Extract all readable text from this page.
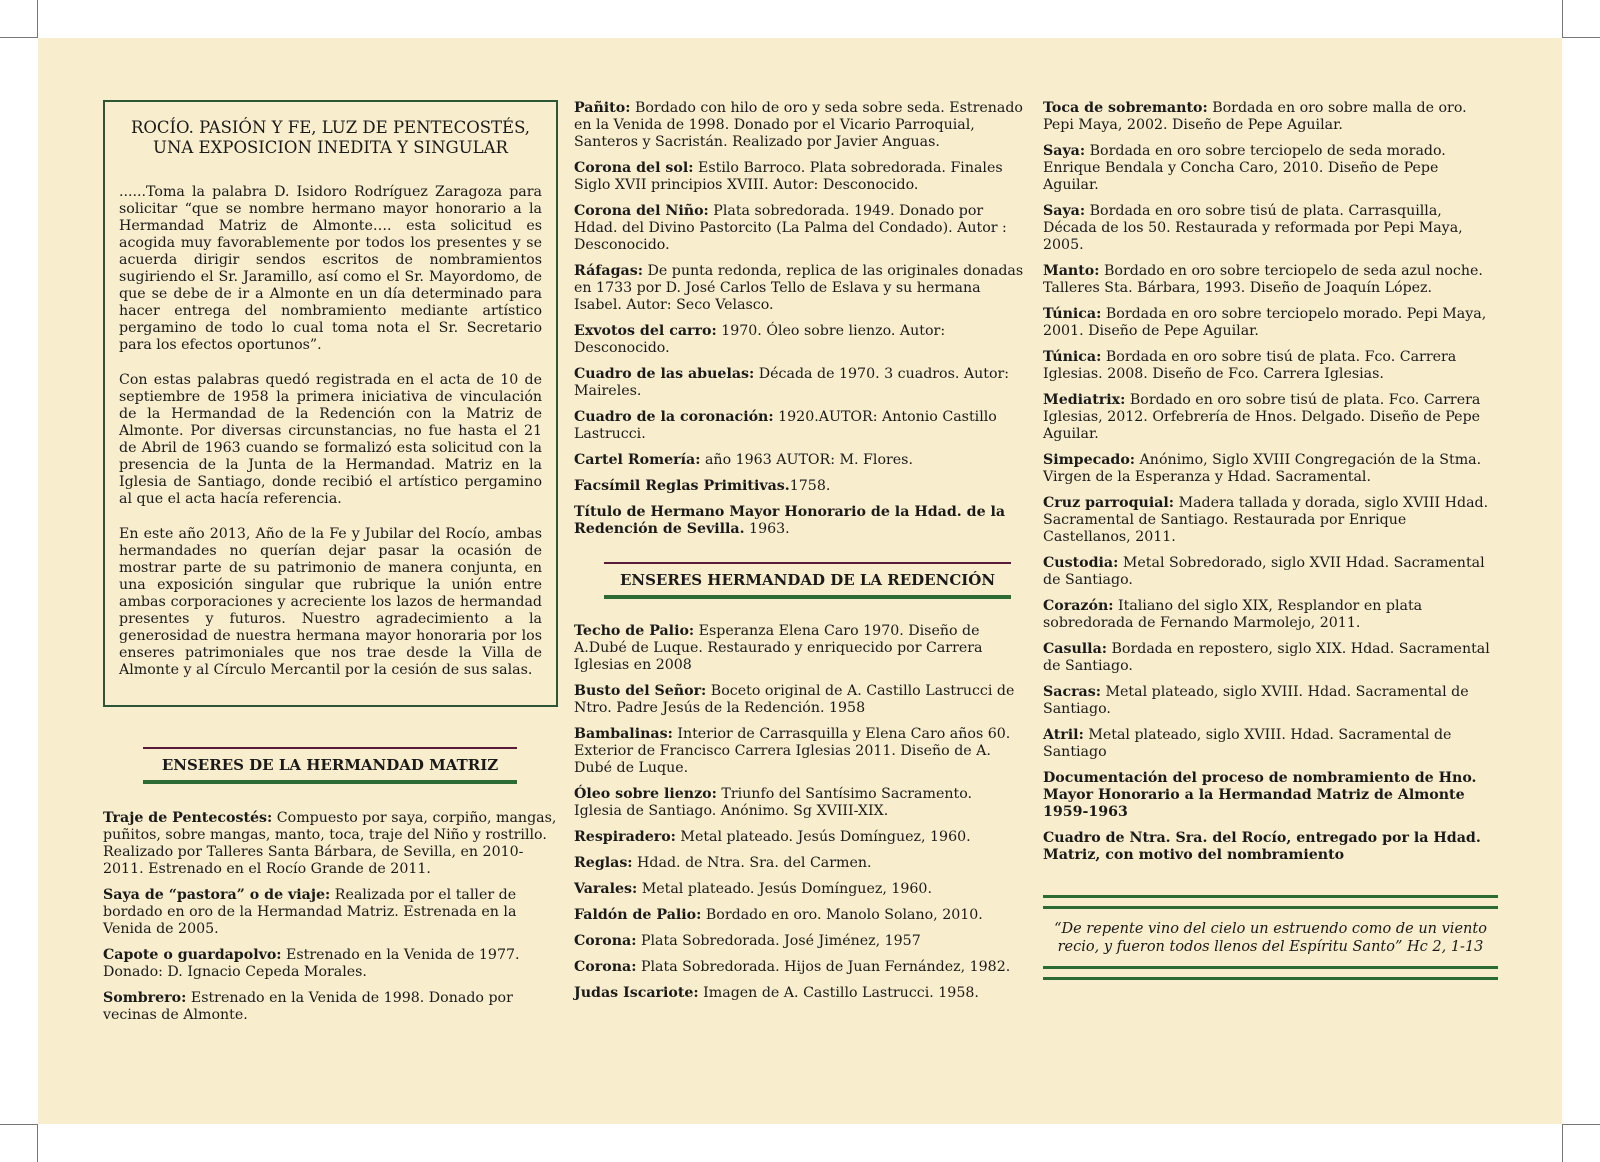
ROCÍO. PASIÓN Y FE, LUZ DE PENTECOSTÉS, UNA EXPOSICION INEDITA Y SINGULAR

......Toma la palabra D. Isidoro Rodríguez Zaragoza para solicitar “que se nombre hermano mayor honorario a la Hermandad Matriz de Almonte…. esta solicitud es acogida muy favorablemente por todos los presentes y se acuerda dirigir sendos escritos de nombramientos sugiriendo el Sr. Jaramillo, así como el Sr. Mayordomo, de que se debe de ir a Almonte en un día determinado para hacer entrega del nombramiento mediante artístico pergamino de todo lo cual toma nota el Sr. Secretario para los efectos oportunos”.

Con estas palabras quedó registrada en el acta de 10 de septiembre de 1958 la primera iniciativa de vinculación de la Hermandad de la Redención con la Matriz de Almonte. Por diversas circunstancias, no fue hasta el 21 de Abril de 1963 cuando se formalizó esta solicitud con la presencia de la Junta de la Hermandad. Matriz en la Iglesia de Santiago, donde recibió el artístico pergamino al que el acta hacía referencia.

En este año 2013, Año de la Fe y Jubilar del Rocío, ambas hermandades no querían dejar pasar la ocasión de mostrar parte de su patrimonio de manera conjunta, en una exposición singular que rubrique la unión entre ambas corporaciones y acreciente los lazos de hermandad presentes y futuros. Nuestro agradecimiento a la generosidad de nuestra hermana mayor honoraria por los enseres patrimoniales que nos trae desde la Villa de Almonte y al Círculo Mercantil por la cesión de sus salas.

ENSERES DE LA HERMANDAD MATRIZ
Traje de Pentecostés: Compuesto por saya, corpiño, mangas, puñitos, sobre mangas, manto, toca, traje del Niño y rostrillo. Realizado por Talleres Santa Bárbara, de Sevilla, en 2010-2011. Estrenado en el Rocío Grande de 2011.
Saya de “pastora” o de viaje: Realizada por el taller de bordado en oro de la Hermandad Matriz. Estrenada en la Venida de 2005.
Capote o guardapolvo: Estrenado en la Venida de 1977. Donado: D. Ignacio Cepeda Morales.
Sombrero: Estrenado en la Venida de 1998. Donado por vecinas de Almonte.
Pañito: Bordado con hilo de oro y seda sobre seda. Estrenado en la Venida de 1998. Donado por el Vicario Parroquial, Santeros y Sacristán. Realizado por Javier Anguas.
Corona del sol: Estilo Barroco. Plata sobredorada. Finales Siglo XVII principios XVIII. Autor: Desconocido.
Corona del Niño: Plata sobredorada. 1949. Donado por Hdad. del Divino Pastorcito (La Palma del Condado). Autor : Desconocido.
Ráfagas: De punta redonda, replica de las originales donadas en 1733 por D. José Carlos Tello de Eslava y su hermana Isabel. Autor: Seco Velasco.
Exvotos del carro: 1970. Óleo sobre lienzo. Autor: Desconocido.
Cuadro de las abuelas: Década de 1970. 3 cuadros. Autor: Maireles.
Cuadro de la coronación: 1920.AUTOR: Antonio Castillo Lastrucci.
Cartel Romería: año 1963 AUTOR: M. Flores.
Facsímil Reglas Primitivas.1758.
Título de Hermano Mayor Honorario de la Hdad. de la Redención de Sevilla. 1963.
ENSERES HERMANDAD DE LA REDENCIÓN
Techo de Palio: Esperanza Elena Caro 1970. Diseño de A.Dubé de Luque. Restaurado y enriquecido por Carrera Iglesias en 2008
Busto del Señor: Boceto original de A. Castillo Lastrucci de Ntro. Padre Jesús de la Redención. 1958
Bambalinas: Interior de Carrasquilla y Elena Caro años 60. Exterior de Francisco Carrera Iglesias 2011. Diseño de A. Dubé de Luque.
Óleo sobre lienzo: Triunfo del Santísimo Sacramento. Iglesia de Santiago. Anónimo. Sg XVIII-XIX.
Respiradero: Metal plateado. Jesús Domínguez, 1960.
Reglas: Hdad. de Ntra. Sra. del Carmen.
Varales: Metal plateado. Jesús Domínguez, 1960.
Faldón de Palio: Bordado en oro. Manolo Solano, 2010.
Corona: Plata Sobredorada. José Jiménez, 1957
Corona: Plata Sobredorada. Hijos de Juan Fernández, 1982.
Judas Iscariote: Imagen de A. Castillo Lastrucci. 1958.
Toca de sobremanto: Bordada en oro sobre malla de oro. Pepi Maya, 2002. Diseño de Pepe Aguilar.
Saya: Bordada en oro sobre terciopelo de seda morado. Enrique Bendala y Concha Caro, 2010. Diseño de Pepe Aguilar.
Saya: Bordada en oro sobre tisú de plata. Carrasquilla, Década de los 50. Restaurada y reformada por Pepi Maya, 2005.
Manto: Bordado en oro sobre terciopelo de seda azul noche. Talleres Sta. Bárbara, 1993. Diseño de Joaquín López.
Túnica: Bordada en oro sobre terciopelo morado. Pepi Maya, 2001. Diseño de Pepe Aguilar.
Túnica: Bordada en oro sobre tisú de plata. Fco. Carrera Iglesias. 2008. Diseño de Fco. Carrera Iglesias.
Mediatrix: Bordado en oro sobre tisú de plata. Fco. Carrera Iglesias, 2012. Orfebrería de Hnos. Delgado. Diseño de Pepe Aguilar.
Simpecado: Anónimo, Siglo XVIII Congregación de la Stma. Virgen de la Esperanza y Hdad. Sacramental.
Cruz parroquial: Madera tallada y dorada, siglo XVIII Hdad. Sacramental de Santiago. Restaurada por Enrique Castellanos, 2011.
Custodia: Metal Sobredorado, siglo XVII Hdad. Sacramental de Santiago.
Corazón: Italiano del siglo XIX, Resplandor en plata sobredorada de Fernando Marmolejo, 2011.
Casulla: Bordada en repostero, siglo XIX. Hdad. Sacramental de Santiago.
Sacras: Metal plateado, siglo XVIII. Hdad. Sacramental de Santiago.
Atril: Metal plateado, siglo XVIII. Hdad. Sacramental de Santiago
Documentación del proceso de nombramiento de Hno. Mayor Honorario a la Hermandad Matriz de Almonte 1959-1963
Cuadro de Ntra. Sra. del Rocío, entregado por la Hdad. Matriz, con motivo del nombramiento
“De repente vino del cielo un estruendo como de un viento recio, y fueron todos llenos del Espíritu Santo” Hc 2, 1-13
